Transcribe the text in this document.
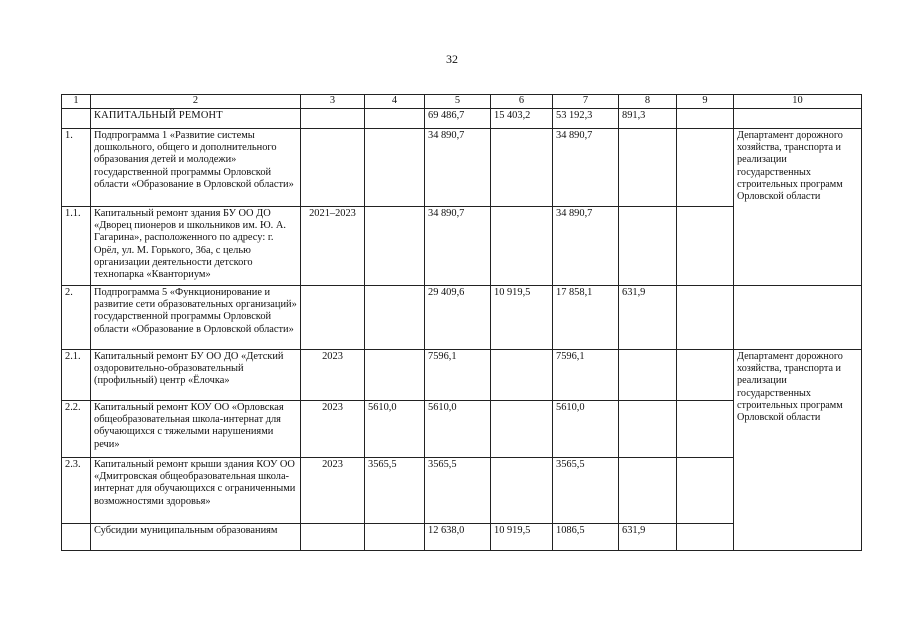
32
1	2	3	4	5	6	7	8	9	10
	КАПИТАЛЬНЫЙ РЕМОНТ			69 486,7	15 403,2	53 192,3	891,3		
1.	Подпрограмма 1 «Развитие системы дошкольного, общего и дополнительного образования детей и молодежи» государственной программы Орловской области «Образование в Орловской области»			34 890,7		34 890,7			Департамент дорожного хозяйства, транспорта и реализации государственных строительных программ Орловской области
1.1.	Капитальный ремонт здания БУ ОО ДО «Дворец пионеров и школьников им. Ю. А. Гагарина», расположенного по адресу: г. Орёл, ул. М. Горького, 36а, с целью организации деятельности детского технопарка «Кванториум»	2021–2023		34 890,7		34 890,7			
2.	Подпрограмма 5 «Функционирование и развитие сети образовательных организаций» государственной программы Орловской области «Образование в Орловской области»			29 409,6	10 919,5	17 858,1	631,9		
2.1.	Капитальный ремонт БУ ОО ДО «Детский оздоровительно-образовательный (профильный) центр «Ёлочка»	2023		7596,1		7596,1			Департамент дорожного хозяйства, транспорта и реализации государственных строительных программ Орловской области
2.2.	Капитальный ремонт КОУ ОО «Орловская общеобразовательная школа-интернат для обучающихся с тяжелыми нарушениями речи»	2023	5610,0	5610,0		5610,0			
2.3.	Капитальный ремонт крыши здания КОУ ОО «Дмитровская общеобразовательная школа-интернат для обучающихся с ограниченными возможностями здоровья»	2023	3565,5	3565,5		3565,5			
	Субсидии муниципальным образованиям			12 638,0	10 919,5	1086,5	631,9		
